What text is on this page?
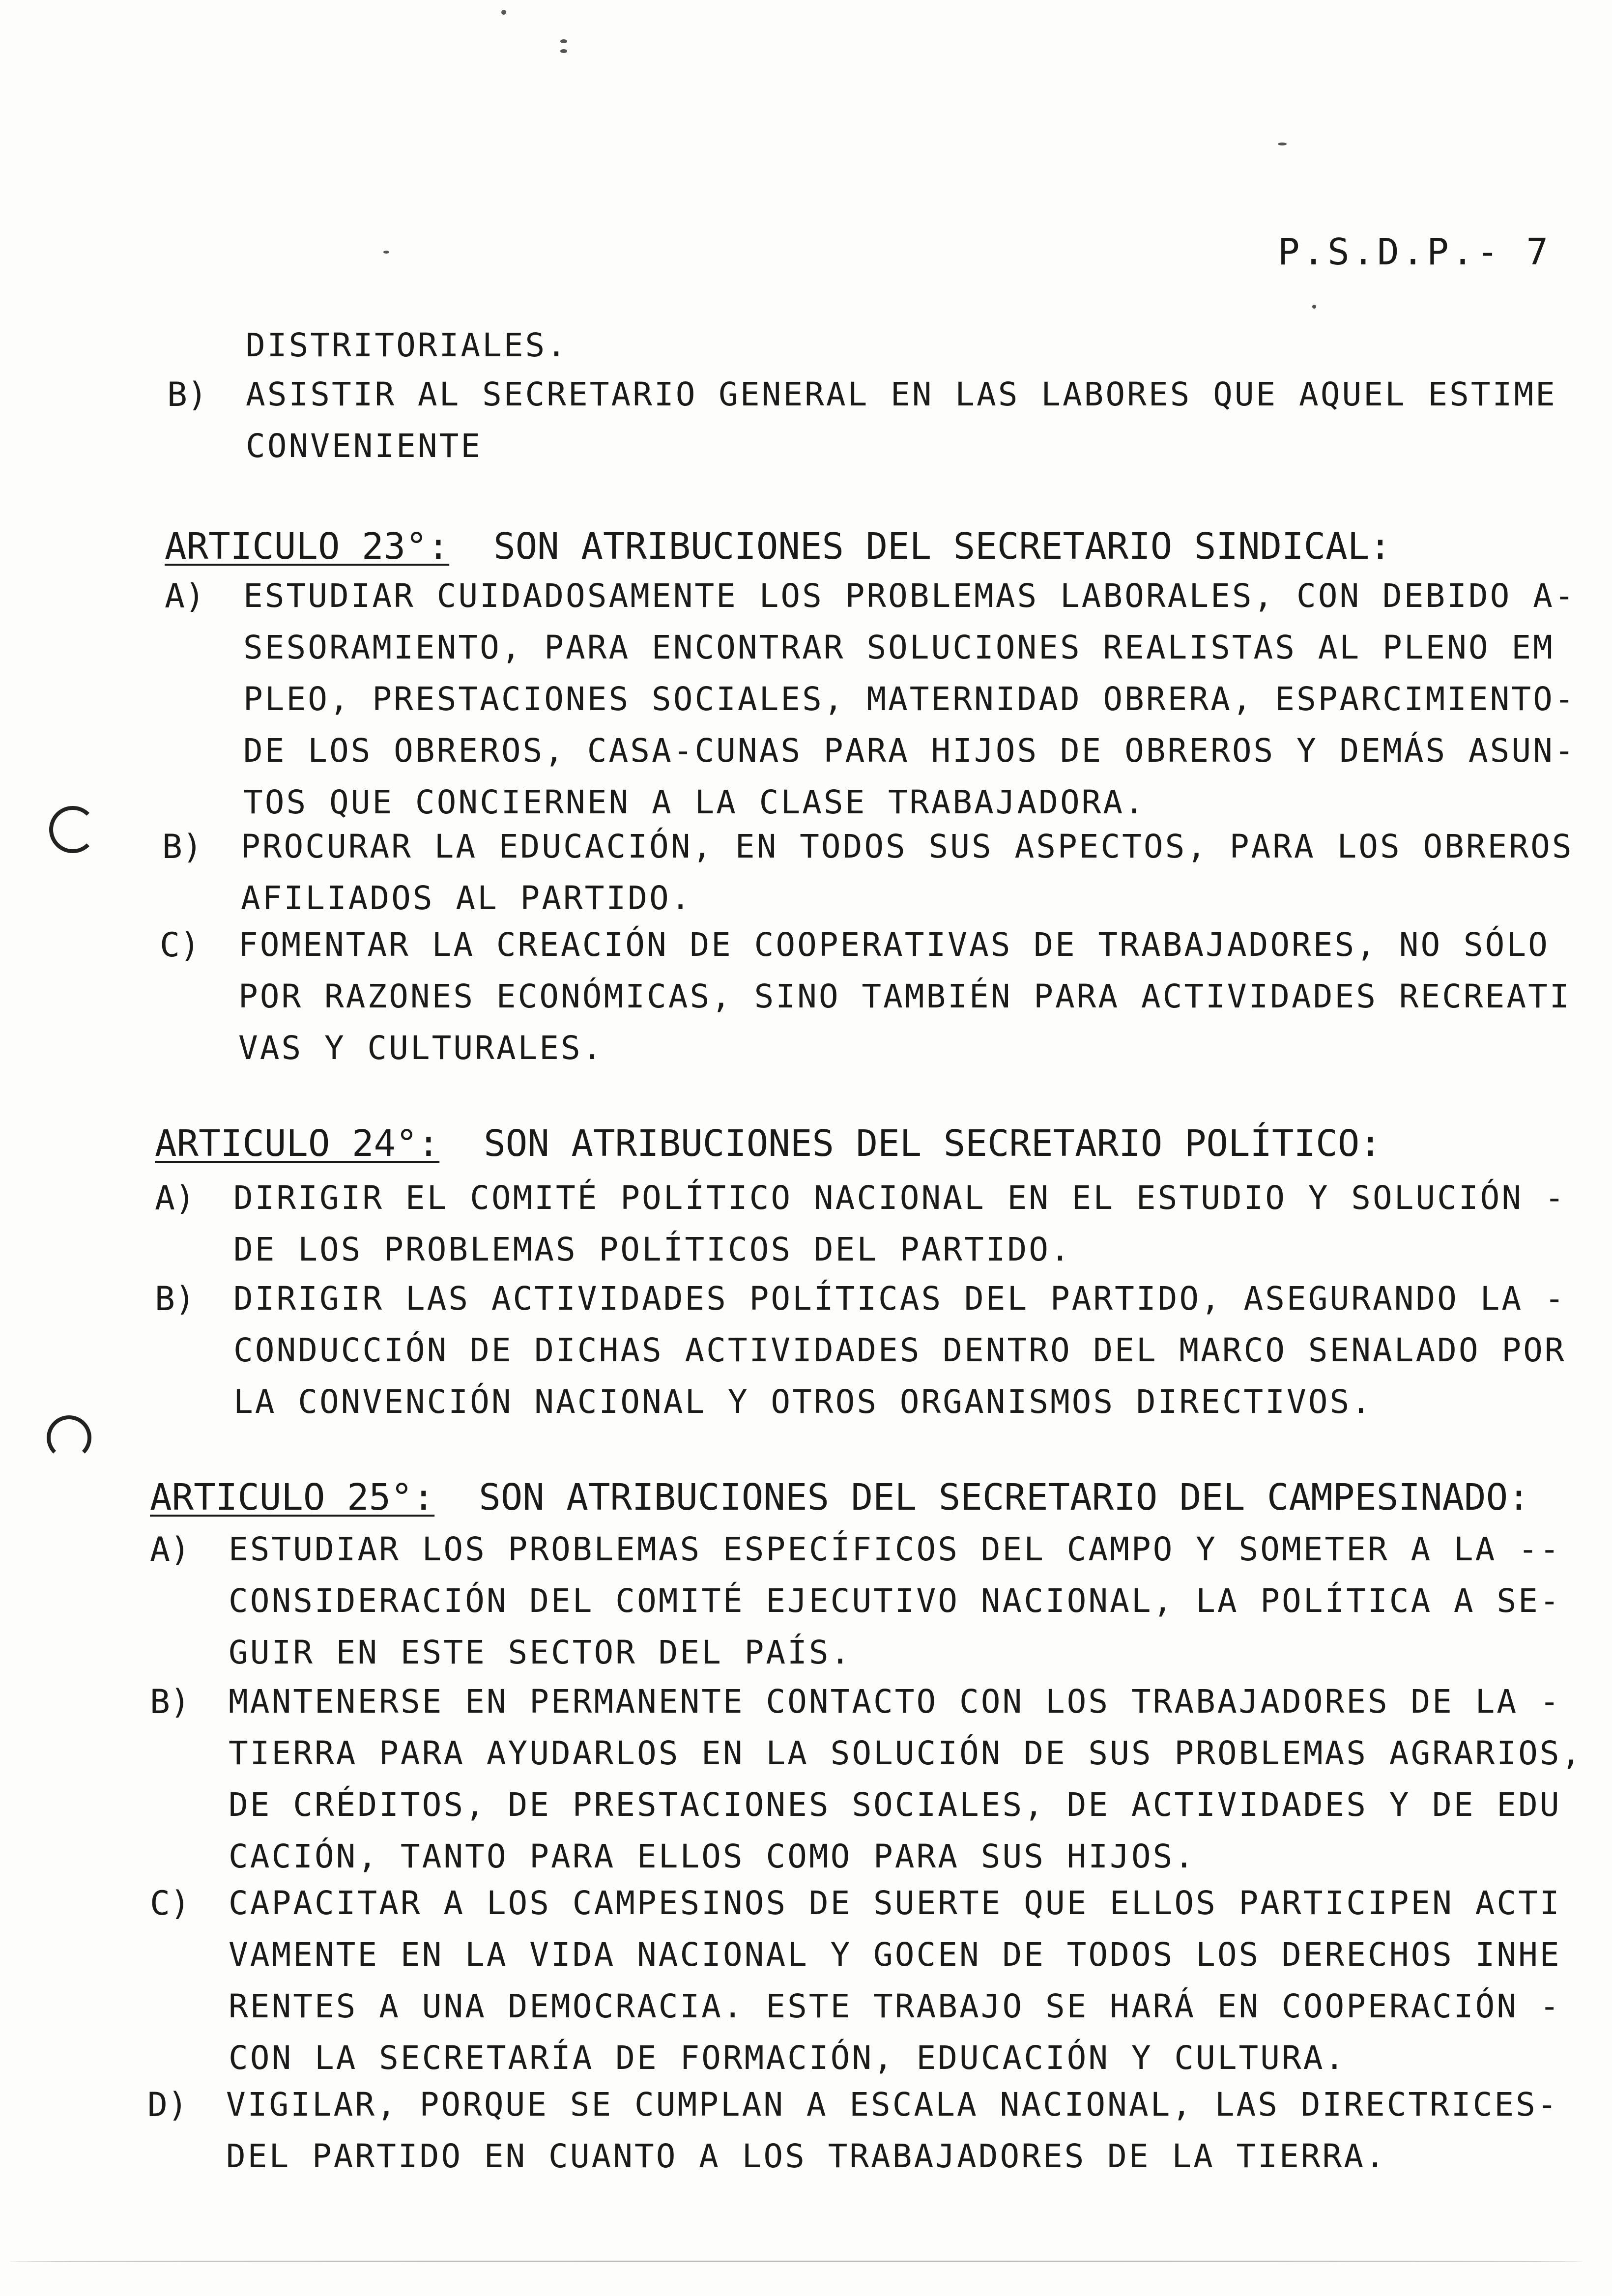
P.S.D.P.- 7
DISTRITORIALES.
B) ASISTIR AL SECRETARIO GENERAL EN LAS LABORES QUE AQUEL ESTIME
CONVENIENTE
ARTICULO 23°: SON ATRIBUCIONES DEL SECRETARIO SINDICAL:
A) ESTUDIAR CUIDADOSAMENTE LOS PROBLEMAS LABORALES, CON DEBIDO A-
SESORAMIENTO, PARA ENCONTRAR SOLUCIONES REALISTAS AL PLENO EM
PLEO, PRESTACIONES SOCIALES, MATERNIDAD OBRERA, ESPARCIMIENTO-
DE LOS OBREROS, CASA-CUNAS PARA HIJOS DE OBREROS Y DEMÁS ASUN-
TOS QUE CONCIERNEN A LA CLASE TRABAJADORA.
B) PROCURAR LA EDUCACIÓN, EN TODOS SUS ASPECTOS, PARA LOS OBREROS
AFILIADOS AL PARTIDO.
C) FOMENTAR LA CREACIÓN DE COOPERATIVAS DE TRABAJADORES, NO SÓLO
POR RAZONES ECONÓMICAS, SINO TAMBIÉN PARA ACTIVIDADES RECREATI
VAS Y CULTURALES.
ARTICULO 24°: SON ATRIBUCIONES DEL SECRETARIO POLÍTICO:
A) DIRIGIR EL COMITÉ POLÍTICO NACIONAL EN EL ESTUDIO Y SOLUCIÓN -
DE LOS PROBLEMAS POLÍTICOS DEL PARTIDO.
B) DIRIGIR LAS ACTIVIDADES POLÍTICAS DEL PARTIDO, ASEGURANDO LA -
CONDUCCIÓN DE DICHAS ACTIVIDADES DENTRO DEL MARCO SENALADO POR
LA CONVENCIÓN NACIONAL Y OTROS ORGANISMOS DIRECTIVOS.
ARTICULO 25°: SON ATRIBUCIONES DEL SECRETARIO DEL CAMPESINADO:
A) ESTUDIAR LOS PROBLEMAS ESPECÍFICOS DEL CAMPO Y SOMETER A LA --
CONSIDERACIÓN DEL COMITÉ EJECUTIVO NACIONAL, LA POLÍTICA A SE-
GUIR EN ESTE SECTOR DEL PAÍS.
B) MANTENERSE EN PERMANENTE CONTACTO CON LOS TRABAJADORES DE LA -
TIERRA PARA AYUDARLOS EN LA SOLUCIÓN DE SUS PROBLEMAS AGRARIOS,
DE CRÉDITOS, DE PRESTACIONES SOCIALES, DE ACTIVIDADES Y DE EDU
CACIÓN, TANTO PARA ELLOS COMO PARA SUS HIJOS.
C) CAPACITAR A LOS CAMPESINOS DE SUERTE QUE ELLOS PARTICIPEN ACTI
VAMENTE EN LA VIDA NACIONAL Y GOCEN DE TODOS LOS DERECHOS INHE
RENTES A UNA DEMOCRACIA. ESTE TRABAJO SE HARÁ EN COOPERACIÓN -
CON LA SECRETARÍA DE FORMACIÓN, EDUCACIÓN Y CULTURA.
D) VIGILAR, PORQUE SE CUMPLAN A ESCALA NACIONAL, LAS DIRECTRICES-
DEL PARTIDO EN CUANTO A LOS TRABAJADORES DE LA TIERRA.
